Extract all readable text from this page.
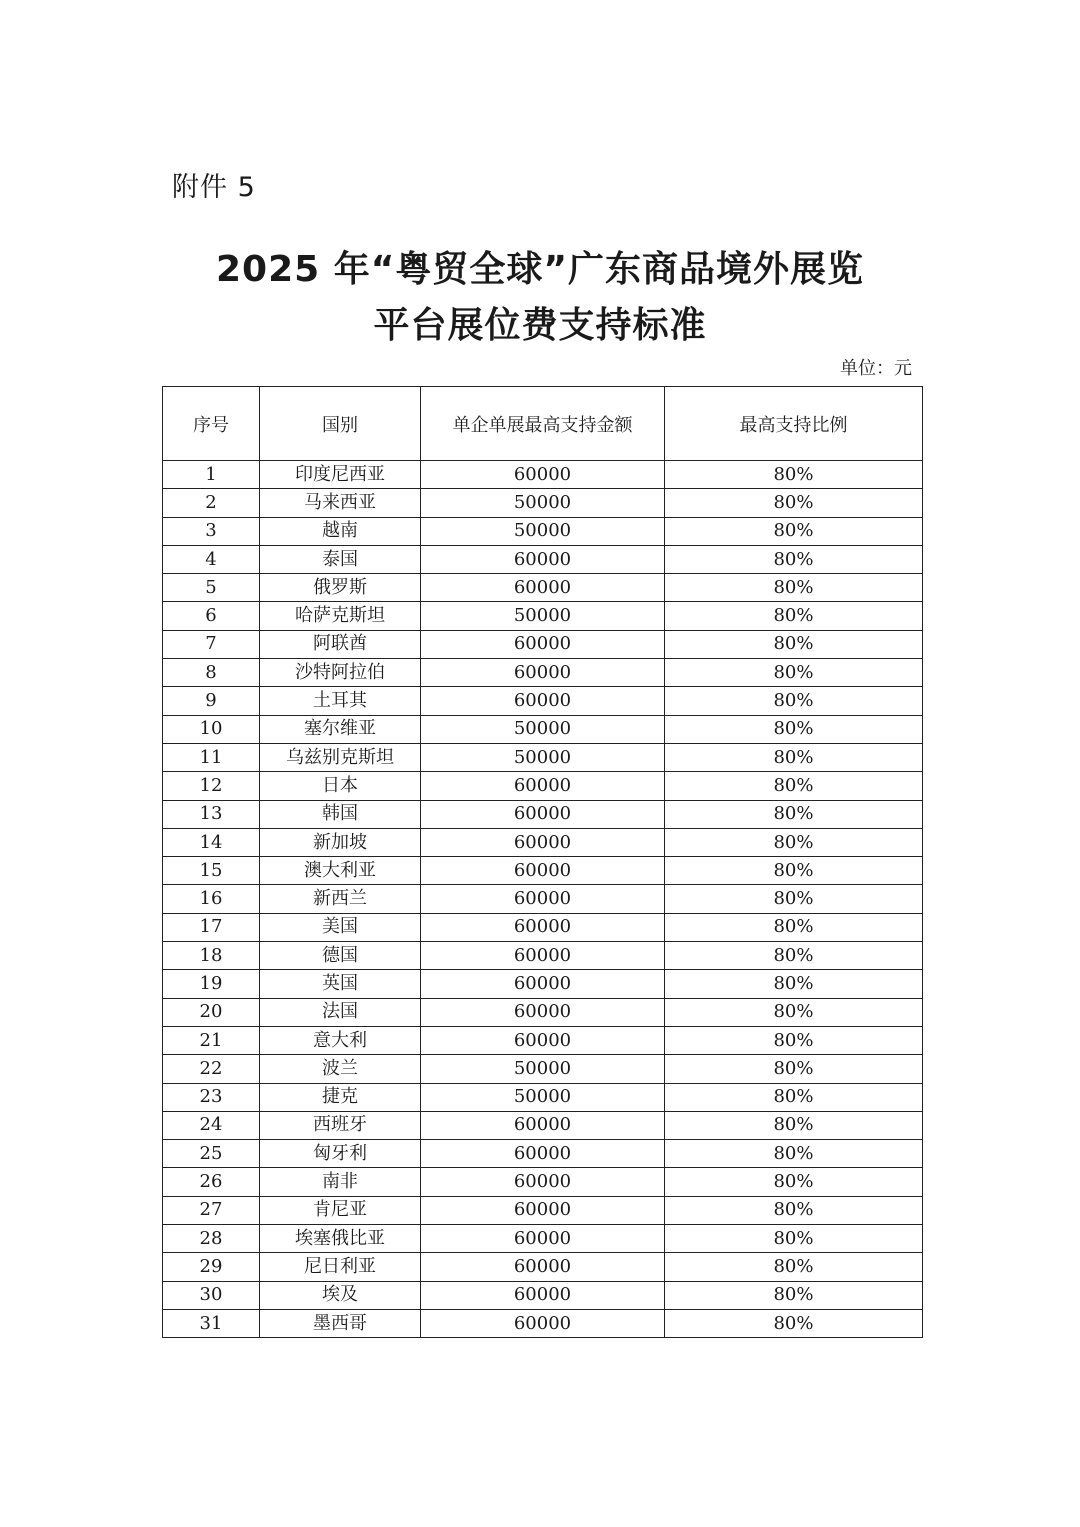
附件 5
2025 年“粤贸全球”广东商品境外展览
平台展位费支持标准
单位：元
序号	国别	单企单展最高支持金额	最高支持比例
1	印度尼西亚	60000	80%
2	马来西亚	50000	80%
3	越南	50000	80%
4	泰国	60000	80%
5	俄罗斯	60000	80%
6	哈萨克斯坦	50000	80%
7	阿联酋	60000	80%
8	沙特阿拉伯	60000	80%
9	土耳其	60000	80%
10	塞尔维亚	50000	80%
11	乌兹别克斯坦	50000	80%
12	日本	60000	80%
13	韩国	60000	80%
14	新加坡	60000	80%
15	澳大利亚	60000	80%
16	新西兰	60000	80%
17	美国	60000	80%
18	德国	60000	80%
19	英国	60000	80%
20	法国	60000	80%
21	意大利	60000	80%
22	波兰	50000	80%
23	捷克	50000	80%
24	西班牙	60000	80%
25	匈牙利	60000	80%
26	南非	60000	80%
27	肯尼亚	60000	80%
28	埃塞俄比亚	60000	80%
29	尼日利亚	60000	80%
30	埃及	60000	80%
31	墨西哥	60000	80%
